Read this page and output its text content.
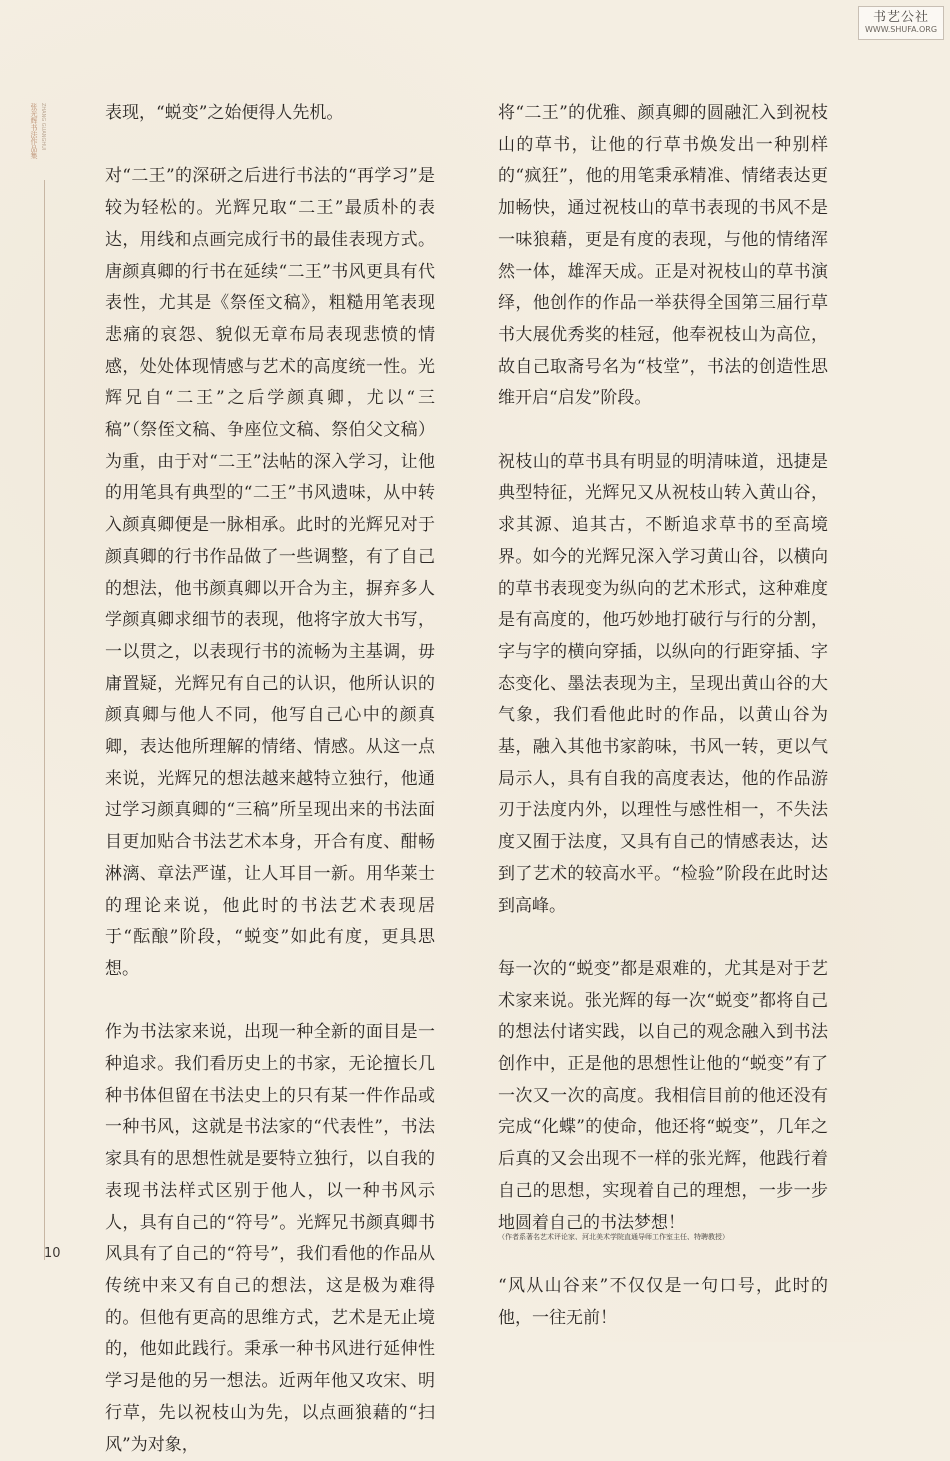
书艺公社
WWW.SHUFA.ORG
张光辉书法作品集 ZHANG GUANGHUI
10

表现，“蜕变”之始便得人先机。

对“二王”的深研之后进行书法的“再学习”是较为轻松的。光辉兄取“二王”最质朴的表达，用线和点画完成行书的最佳表现方式。唐颜真卿的行书在延续“二王”书风更具有代表性，尤其是《祭侄文稿》，粗糙用笔表现悲痛的哀怨、貌似无章布局表现悲愤的情感，处处体现情感与艺术的高度统一性。光辉兄自“二王”之后学颜真卿，尤以“三稿”（祭侄文稿、争座位文稿、祭伯父文稿）为重，由于对“二王”法帖的深入学习，让他的用笔具有典型的“二王”书风遗味，从中转入颜真卿便是一脉相承。此时的光辉兄对于颜真卿的行书作品做了一些调整，有了自己的想法，他书颜真卿以开合为主，摒弃多人学颜真卿求细节的表现，他将字放大书写，一以贯之，以表现行书的流畅为主基调，毋庸置疑，光辉兄有自己的认识，他所认识的颜真卿与他人不同，他写自己心中的颜真卿，表达他所理解的情绪、情感。从这一点来说，光辉兄的想法越来越特立独行，他通过学习颜真卿的“三稿”所呈现出来的书法面目更加贴合书法艺术本身，开合有度、酣畅淋漓、章法严谨，让人耳目一新。用华莱士的理论来说，他此时的书法艺术表现居于“酝酿”阶段，“蜕变”如此有度，更具思想。

作为书法家来说，出现一种全新的面目是一种追求。我们看历史上的书家，无论擅长几种书体但留在书法史上的只有某一件作品或一种书风，这就是书法家的“代表性”，书法家具有的思想性就是要特立独行，以自我的表现书法样式区别于他人，以一种书风示人，具有自己的“符号”。光辉兄书颜真卿书风具有了自己的“符号”，我们看他的作品从传统中来又有自己的想法，这是极为难得的。但他有更高的思维方式，艺术是无止境的，他如此践行。秉承一种书风进行延伸性学习是他的另一想法。近两年他又攻宋、明行草，先以祝枝山为先，以点画狼藉的“扫风”为对象，

将“二王”的优雅、颜真卿的圆融汇入到祝枝山的草书，让他的行草书焕发出一种别样的“疯狂”，他的用笔秉承精准、情绪表达更加畅快，通过祝枝山的草书表现的书风不是一味狼藉，更是有度的表现，与他的情绪浑然一体，雄浑天成。正是对祝枝山的草书演绎，他创作的作品一举获得全国第三届行草书大展优秀奖的桂冠，他奉祝枝山为高位，故自己取斋号名为“枝堂”，书法的创造性思维开启“启发”阶段。

祝枝山的草书具有明显的明清味道，迅捷是典型特征，光辉兄又从祝枝山转入黄山谷，求其源、追其古，不断追求草书的至高境界。如今的光辉兄深入学习黄山谷，以横向的草书表现变为纵向的艺术形式，这种难度是有高度的，他巧妙地打破行与行的分割，字与字的横向穿插，以纵向的行距穿插、字态变化、墨法表现为主，呈现出黄山谷的大气象，我们看他此时的作品，以黄山谷为基，融入其他书家韵味，书风一转，更以气局示人，具有自我的高度表达，他的作品游刃于法度内外，以理性与感性相一，不失法度又囿于法度，又具有自己的情感表达，达到了艺术的较高水平。“检验”阶段在此时达到高峰。

每一次的“蜕变”都是艰难的，尤其是对于艺术家来说。张光辉的每一次“蜕变”都将自己的想法付诸实践，以自己的观念融入到书法创作中，正是他的思想性让他的“蜕变”有了一次又一次的高度。我相信目前的他还没有完成“化蝶”的使命，他还将“蜕变”，几年之后真的又会出现不一样的张光辉，他践行着自己的思想，实现着自己的理想，一步一步地圆着自己的书法梦想！

“风从山谷来”不仅仅是一句口号，此时的他，一往无前！

（作者系著名艺术评论家、河北美术学院直通导师工作室主任、特聘教授）
